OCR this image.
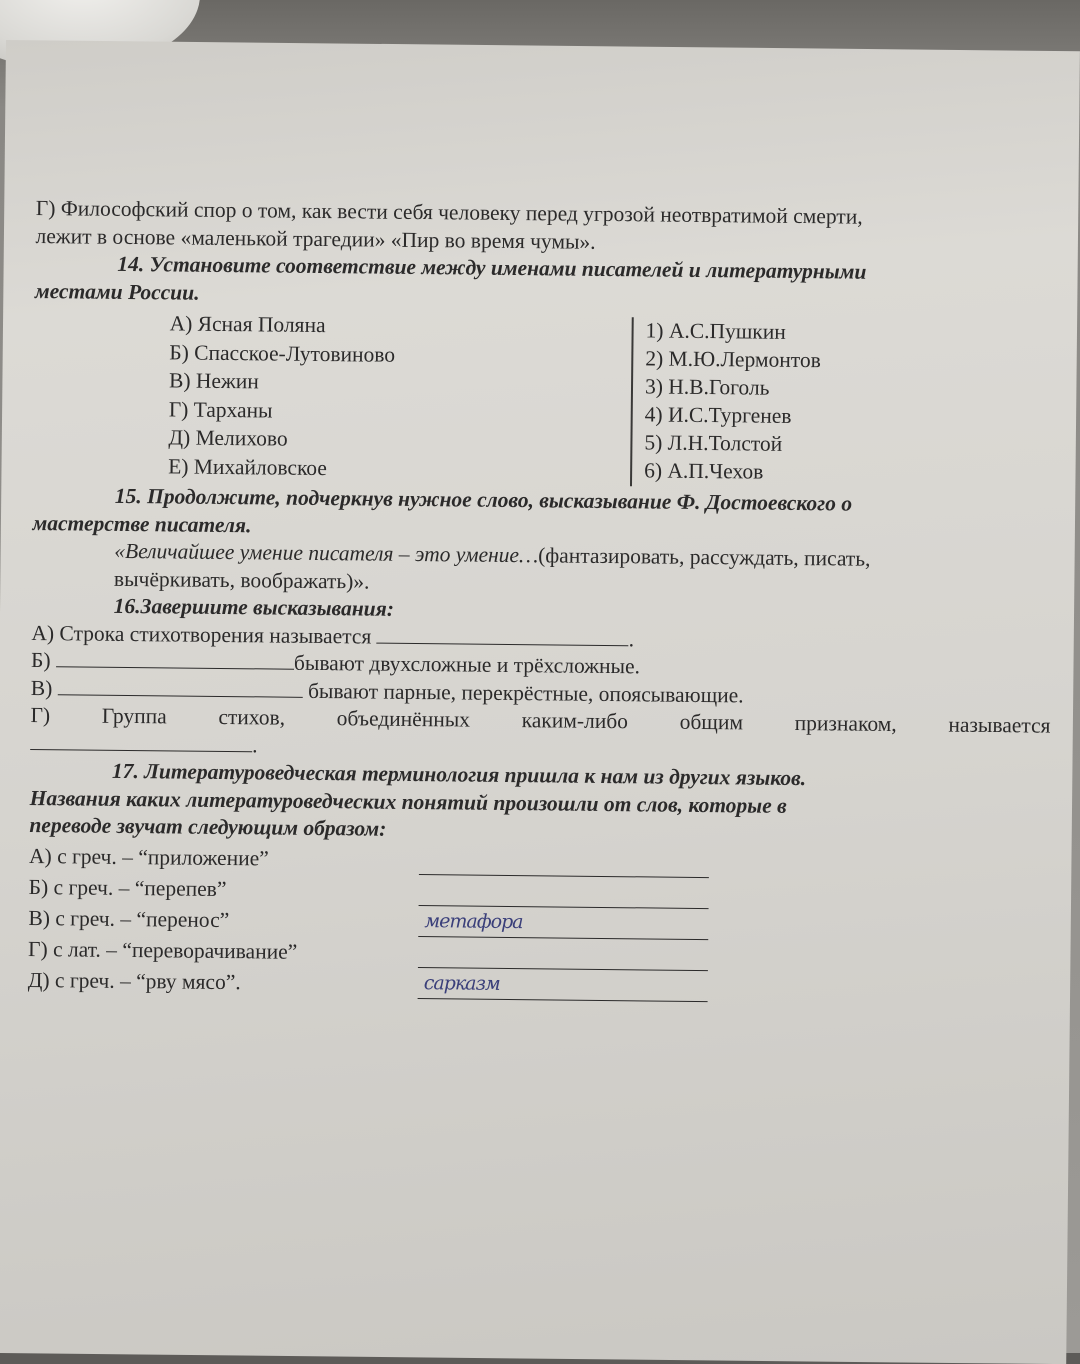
Г) Философский спор о том, как вести себя человеку перед угрозой неотвратимой смерти,

лежит в основе «маленькой трагедии» «Пир во время чумы».

14. Установите соответствие между именами писателей и литературными

местами России.

А) Ясная Поляна
Б) Спасское-Лутовиново
В) Нежин
Г) Тарханы
Д) Мелихово
Е) Михайловское
1) А.С.Пушкин
2) М.Ю.Лермонтов
3) Н.В.Гоголь
4) И.С.Тургенев
5) Л.Н.Толстой
6) А.П.Чехов

15. Продолжите, подчеркнув нужное слово, высказывание Ф. Достоевского о

мастерстве писателя.

«Величайшее умение писателя – это умение…(фантазировать, рассуждать, писать,

вычёркивать, воображать)».

16.Завершите высказывания:

А) Строка стихотворения называется	.

Б)	бывают двухсложные и трёхсложные.

В)	бывают парные, перекрёстные, опоясывающие.

Г) Группа стихов, объединённых каким-либо общим признаком, называется

.

17. Литературоведческая терминология пришла к нам из других языков.

Названия каких литературоведческих понятий произошли от слов, которые в

переводе звучат следующим образом:

А) с греч. – “приложение”
Б) с греч. – “перепев”
В) с греч. – “перенос”	метафора
Г) с лат. – “переворачивание”
Д) с греч. – “рву мясо”.	сарказм
